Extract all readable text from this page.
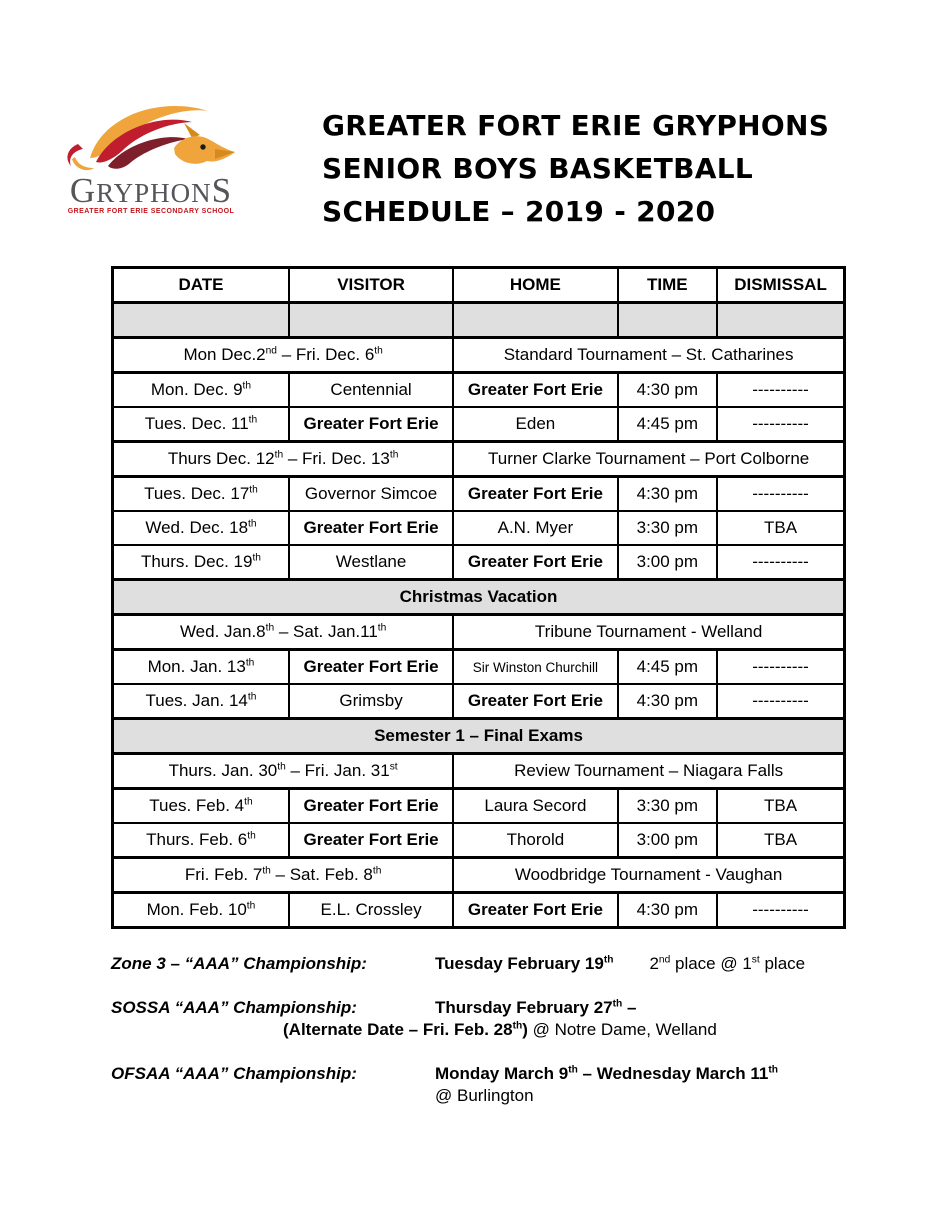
GRYPHONS
GREATER FORT ERIE SECONDARY SCHOOL
GREATER FORT ERIE GRYPHONS
SENIOR BOYS BASKETBALL
SCHEDULE – 2019 - 2020
DATE	VISITOR	HOME	TIME	DISMISSAL

Mon Dec.2nd – Fri. Dec. 6th		Standard Tournament – St. Catharines		
Mon. Dec. 9th	Centennial	Greater Fort Erie	4:30 pm	----------
Tues. Dec. 11th	Greater Fort Erie	Eden	4:45 pm	----------
Thurs Dec. 12th – Fri. Dec. 13th		Turner Clarke Tournament – Port Colborne		
Tues. Dec. 17th	Governor Simcoe	Greater Fort Erie	4:30 pm	----------
Wed. Dec. 18th	Greater Fort Erie	A.N. Myer	3:30 pm	TBA
Thurs. Dec. 19th	Westlane	Greater Fort Erie	3:00 pm	----------
Christmas Vacation				
Wed. Jan.8th – Sat. Jan.11th		Tribune Tournament - Welland		
Mon. Jan. 13th	Greater Fort Erie	Sir Winston Churchill	4:45 pm	----------
Tues. Jan. 14th	Grimsby	Greater Fort Erie	4:30 pm	----------
Semester 1 – Final Exams				
Thurs. Jan. 30th – Fri. Jan. 31st		Review Tournament – Niagara Falls		
Tues. Feb. 4th	Greater Fort Erie	Laura Secord	3:30 pm	TBA
Thurs. Feb. 6th	Greater Fort Erie	Thorold	3:00 pm	TBA
Fri. Feb. 7th – Sat. Feb. 8th		Woodbridge Tournament - Vaughan		
Mon. Feb. 10th	E.L. Crossley	Greater Fort Erie	4:30 pm	----------
Zone 3 – “AAA” Championship:	Tuesday February 19th 2nd place @ 1st place
SOSSA “AAA” Championship:	Thursday February 27th –
(Alternate Date – Fri. Feb. 28th) @ Notre Dame, Welland
OFSAA “AAA” Championship:	Monday March 9th – Wednesday March 11th
@ Burlington
